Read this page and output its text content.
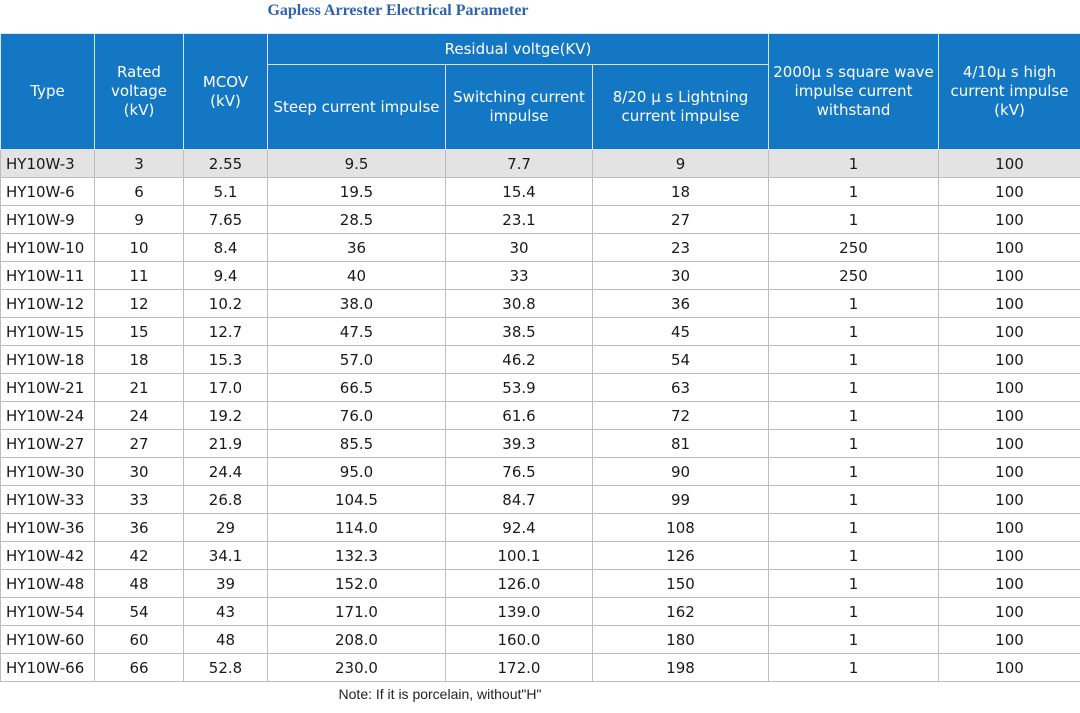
Gapless Arrester Electrical Parameter
Type	Rated voltage (kV)	MCOV (kV)	Residual voltge(KV)			2000μ s square wave impulse current withstand	4/10μ s high current impulse (kV)
			Steep current impulse	Switching current impulse	8/20 μ s Lightning current impulse		
HY10W-3	3	2.55	9.5	7.7	9	1	100
HY10W-6	6	5.1	19.5	15.4	18	1	100
HY10W-9	9	7.65	28.5	23.1	27	1	100
HY10W-10	10	8.4	36	30	23	250	100
HY10W-11	11	9.4	40	33	30	250	100
HY10W-12	12	10.2	38.0	30.8	36	1	100
HY10W-15	15	12.7	47.5	38.5	45	1	100
HY10W-18	18	15.3	57.0	46.2	54	1	100
HY10W-21	21	17.0	66.5	53.9	63	1	100
HY10W-24	24	19.2	76.0	61.6	72	1	100
HY10W-27	27	21.9	85.5	39.3	81	1	100
HY10W-30	30	24.4	95.0	76.5	90	1	100
HY10W-33	33	26.8	104.5	84.7	99	1	100
HY10W-36	36	29	114.0	92.4	108	1	100
HY10W-42	42	34.1	132.3	100.1	126	1	100
HY10W-48	48	39	152.0	126.0	150	1	100
HY10W-54	54	43	171.0	139.0	162	1	100
HY10W-60	60	48	208.0	160.0	180	1	100
HY10W-66	66	52.8	230.0	172.0	198	1	100
Note: If it is porcelain, without"H"
